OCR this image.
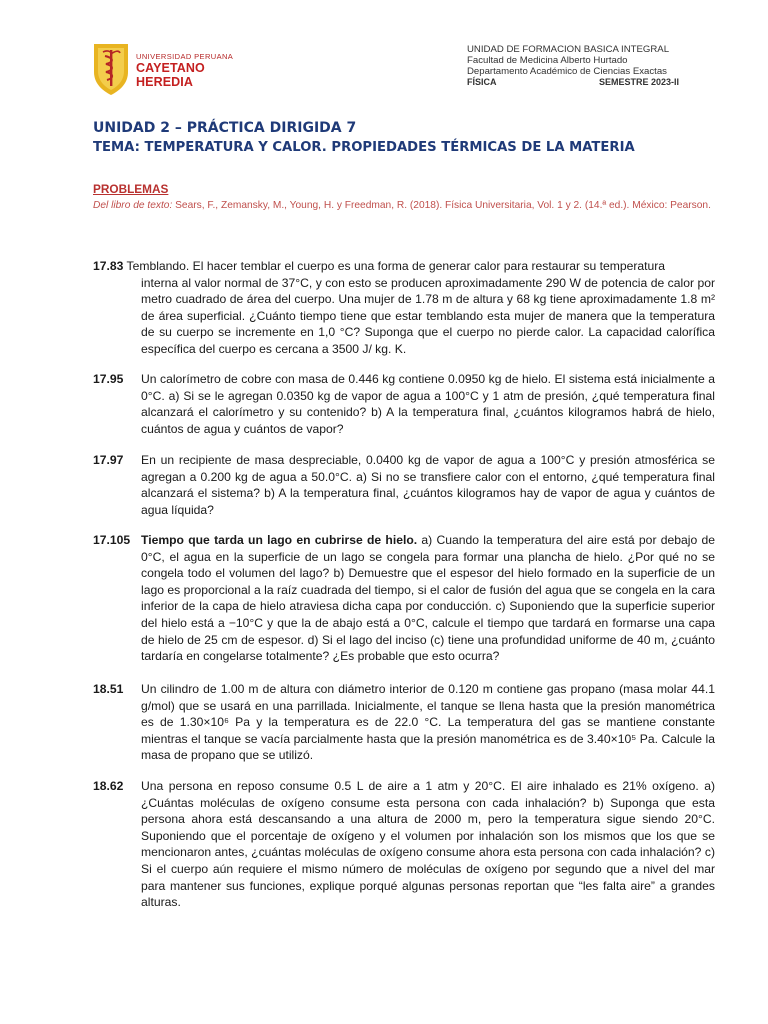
UNIVERSIDAD PERUANA
CAYETANO HEREDIA
UNIDAD DE FORMACION BASICA INTEGRAL
Facultad de Medicina Alberto Hurtado
Departamento Académico de Ciencias Exactas
FÍSICA	SEMESTRE 2023-II
UNIDAD 2 – PRÁCTICA DIRIGIDA 7
TEMA: TEMPERATURA Y CALOR. PROPIEDADES TÉRMICAS DE LA MATERIA
PROBLEMAS
Del libro de texto: Sears, F., Zemansky, M., Young, H. y Freedman, R. (2018). Física Universitaria, Vol. 1 y 2. (14.ª ed.). México: Pearson.
17.83 Temblando. El hacer temblar el cuerpo es una forma de generar calor para restaurar su temperatura
interna al valor normal de 37°C, y con esto se producen aproximadamente 290 W de potencia de calor por metro cuadrado de área del cuerpo. Una mujer de 1.78 m de altura y 68 kg tiene aproximadamente 1.8 m² de área superficial. ¿Cuánto tiempo tiene que estar temblando esta mujer de manera que la temperatura de su cuerpo se incremente en 1,0 °C? Suponga que el cuerpo no pierde calor. La capacidad calorífica específica del cuerpo es cercana a 3500 J/ kg. K.
17.95	Un calorímetro de cobre con masa de 0.446 kg contiene 0.0950 kg de hielo. El sistema está inicialmente a 0°C. a) Si se le agregan 0.0350 kg de vapor de agua a 100°C y 1 atm de presión, ¿qué temperatura final alcanzará el calorímetro y su contenido? b) A la temperatura final, ¿cuántos kilogramos habrá de hielo, cuántos de agua y cuántos de vapor?
17.97	En un recipiente de masa despreciable, 0.0400 kg de vapor de agua a 100°C y presión atmosférica se agregan a 0.200 kg de agua a 50.0°C. a) Si no se transfiere calor con el entorno, ¿qué temperatura final alcanzará el sistema? b) A la temperatura final, ¿cuántos kilogramos hay de vapor de agua y cuántos de agua líquida?
17.105 Tiempo que tarda un lago en cubrirse de hielo. a) Cuando la temperatura del aire está por debajo de 0°C, el agua en la superficie de un lago se congela para formar una plancha de hielo. ¿Por qué no se congela todo el volumen del lago? b) Demuestre que el espesor del hielo formado en la superficie de un lago es proporcional a la raíz cuadrada del tiempo, si el calor de fusión del agua que se congela en la cara inferior de la capa de hielo atraviesa dicha capa por conducción. c) Suponiendo que la superficie superior del hielo está a −10°C y que la de abajo está a 0°C, calcule el tiempo que tardará en formarse una capa de hielo de 25 cm de espesor. d) Si el lago del inciso (c) tiene una profundidad uniforme de 40 m, ¿cuánto tardaría en congelarse totalmente? ¿Es probable que esto ocurra?
18.51	Un cilindro de 1.00 m de altura con diámetro interior de 0.120 m contiene gas propano (masa molar 44.1 g/mol) que se usará en una parrillada. Inicialmente, el tanque se llena hasta que la presión manométrica es de 1.30×10⁶ Pa y la temperatura es de 22.0 °C. La temperatura del gas se mantiene constante mientras el tanque se vacía parcialmente hasta que la presión manométrica es de 3.40×10⁵ Pa. Calcule la masa de propano que se utilizó.
18.62	Una persona en reposo consume 0.5 L de aire a 1 atm y 20°C. El aire inhalado es 21% oxígeno. a) ¿Cuántas moléculas de oxígeno consume esta persona con cada inhalación? b) Suponga que esta persona ahora está descansando a una altura de 2000 m, pero la temperatura sigue siendo 20°C. Suponiendo que el porcentaje de oxígeno y el volumen por inhalación son los mismos que los que se mencionaron antes, ¿cuántas moléculas de oxígeno consume ahora esta persona con cada inhalación? c) Si el cuerpo aún requiere el mismo número de moléculas de oxígeno por segundo que a nivel del mar para mantener sus funciones, explique porqué algunas personas reportan que “les falta aire” a grandes alturas.
